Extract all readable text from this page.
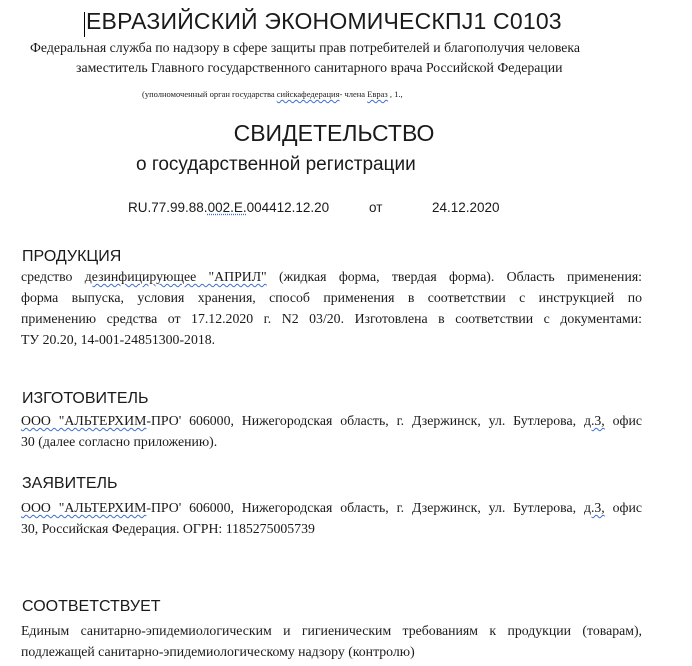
ЕВРАЗИЙСКИЙ ЭКОНОМИЧЕСКПJ1 С0103
Федеральная служба по надзору в сфере защиты прав потребителей и благополучия человека
заместитель Главного государственного санитарного врача Российской Федерации
(уполномоченный орган государства сийскафедерация- члена Евраз , 1.,
СВИДЕТЕЛЬСТВО
о государственной регистрации
RU.77.99.88.002.Е.004412.12.20	от	24.12.2020
ПРОДУКЦИЯ
средство дезинфицирующее "АПРИЛ" (жидкая форма, твердая форма). Область применения:
форма выпуска, условия хранения, способ применения в соответствии с инструкцией по
применению средства от 17.12.2020 г. N2 03/20. Изготовлена в соответствии с документами:
ТУ 20.20, 14-001-24851300-2018.
ИЗГОТОВИТЕЛЬ
ООО "АЛЬТЕРХИМ-ПРО' 606000, Нижегородская область, г. Дзержинск, ул. Бутлерова, д.3, офис
30 (далее согласно приложению).
ЗАЯВИТЕЛЬ
ООО "АЛЬТЕРХИМ-ПРО' 606000, Нижегородская область, г. Дзержинск, ул. Бутлерова, д.3, офис
30, Российская Федерация. ОГРН: 1185275005739
СООТВЕТСТВУЕТ
Единым санитарно-эпидемиологическим и гигиеническим требованиям к продукции (товарам),
подлежащей санитарно-эпидемиологическому надзору (контролю)
